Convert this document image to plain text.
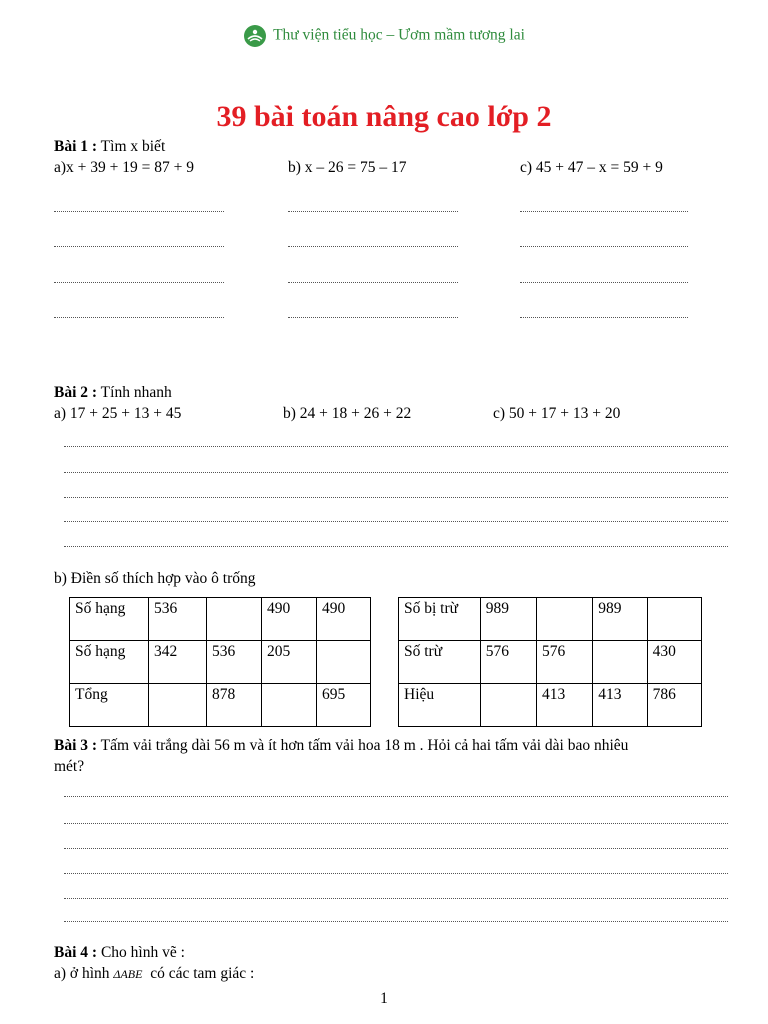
Thư viện tiểu học – Ươm mầm tương lai
39 bài toán nâng cao lớp 2
Bài 1 : Tìm x biết
a)x + 39 + 19 = 87 + 9	b) x – 26 = 75 – 17	c) 45 + 47 – x = 59 + 9
Bài 2 : Tính nhanh
a) 17 + 25 + 13 + 45	b) 24 + 18 + 26 + 22	c) 50 + 17 + 13 + 20
b) Điền số thích hợp vào ô trống
Số hạng	536		490	490
Số hạng	342	536	205	
Tổng		878		695
Số bị trừ	989		989	
Số trừ	576	576		430
Hiệu		413	413	786
Bài 3 : Tấm vải trắng dài 56 m và ít hơn tấm vải hoa 18 m . Hỏi cả hai tấm vải dài bao nhiêu
mét?
Bài 4 : Cho hình vẽ :
a) ở hình ΔABE có các tam giác :
1
